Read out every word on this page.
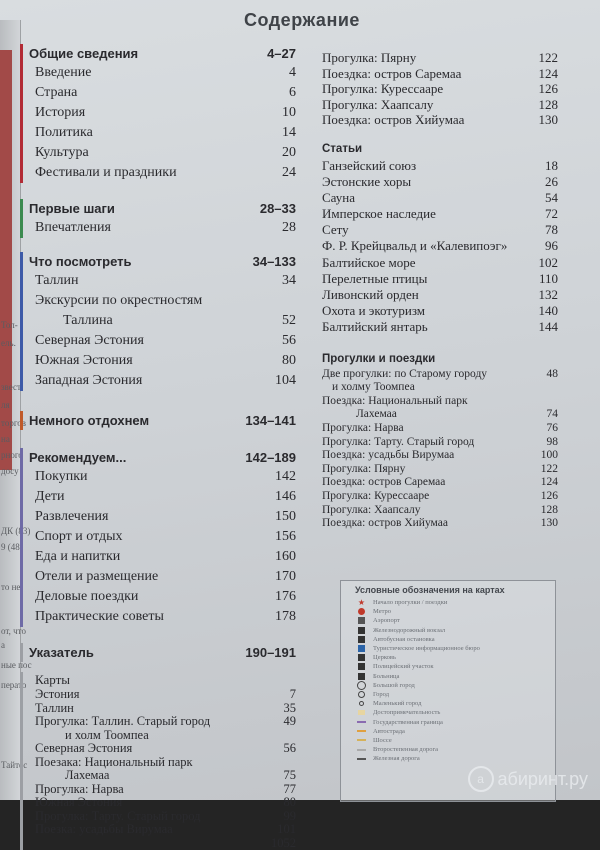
Тол-
ель.
звест
ля
торгов
на
рного
досу
ДК (83)
9 (48)
то не
от, что
а
ные пос
перато
Тайтес
Содержание
Общие сведения	4–27
Введение	4
Страна	6
История	10
Политика	14
Культура	20
Фестивали и праздники	24
Первые шаги	28–33
Впечатления	28
Что посмотреть	34–133
Таллин	34
Экскурсии по окрестностям
Таллина	52
Северная Эстония	56
Южная Эстония	80
Западная Эстония	104
Немного отдохнем	134–141
Рекомендуем...	142–189
Покупки	142
Дети	146
Развлечения	150
Спорт и отдых	156
Еда и напитки	160
Отели и размещение	170
Деловые поездки	176
Практические советы	178
Указатель	190–191
Карты
Эстония	7
Таллин	35
Прогулка: Таллин. Старый город	49
и холм Тоомпеа
Северная Эстония	56
Поезака: Национальный парк
Лахемаа	75
Прогулка: Нарва	77
Южная Эстония	80
Прогулка: Тарту. Старый город	99
Поезка: усадьбы Вирумаа	101
1052
Прогулка: Пярну	122
Поездка: остров Саремаа	124
Прогулка: Курессааре	126
Прогулка: Хаапсалу	128
Поездка: остров Хийумаа	130
Статьи
Ганзейский союз	18
Эстонские хоры	26
Сауна	54
Имперское наследие	72
Сету	78
Ф. Р. Крейцвальд и «Калевипоэг»	96
Балтийское море	102
Перелетные птицы	110
Ливонский орден	132
Охота и экотуризм	140
Балтийский янтарь	144
Прогулки и поездки
Две прогулки: по Старому городу	48
и холму Тоомпеа
Поездка: Национальный парк
Лахемаа	74
Прогулка: Нарва	76
Прогулка: Тарту. Старый город	98
Поездка: усадьбы Вирумаа	100
Прогулка: Пярну	122
Поездка: остров Саремаа	124
Прогулка: Курессааре	126
Прогулка: Хаапсалу	128
Поездка: остров Хийумаа	130
Условные обозначения на картах
★ Начало прогулки / поездки
Метро
Аэропорт
Железнодорожный вокзал
Автобусная остановка
Туристическое информационное бюро
Церковь
Полицейский участок
Больница
Большой город
Город
Маленький город
Достопримечательность
Государственная граница
Автострада
Шоссе
Второстепенная дорога
Железная дорога
a абиринт.ру
